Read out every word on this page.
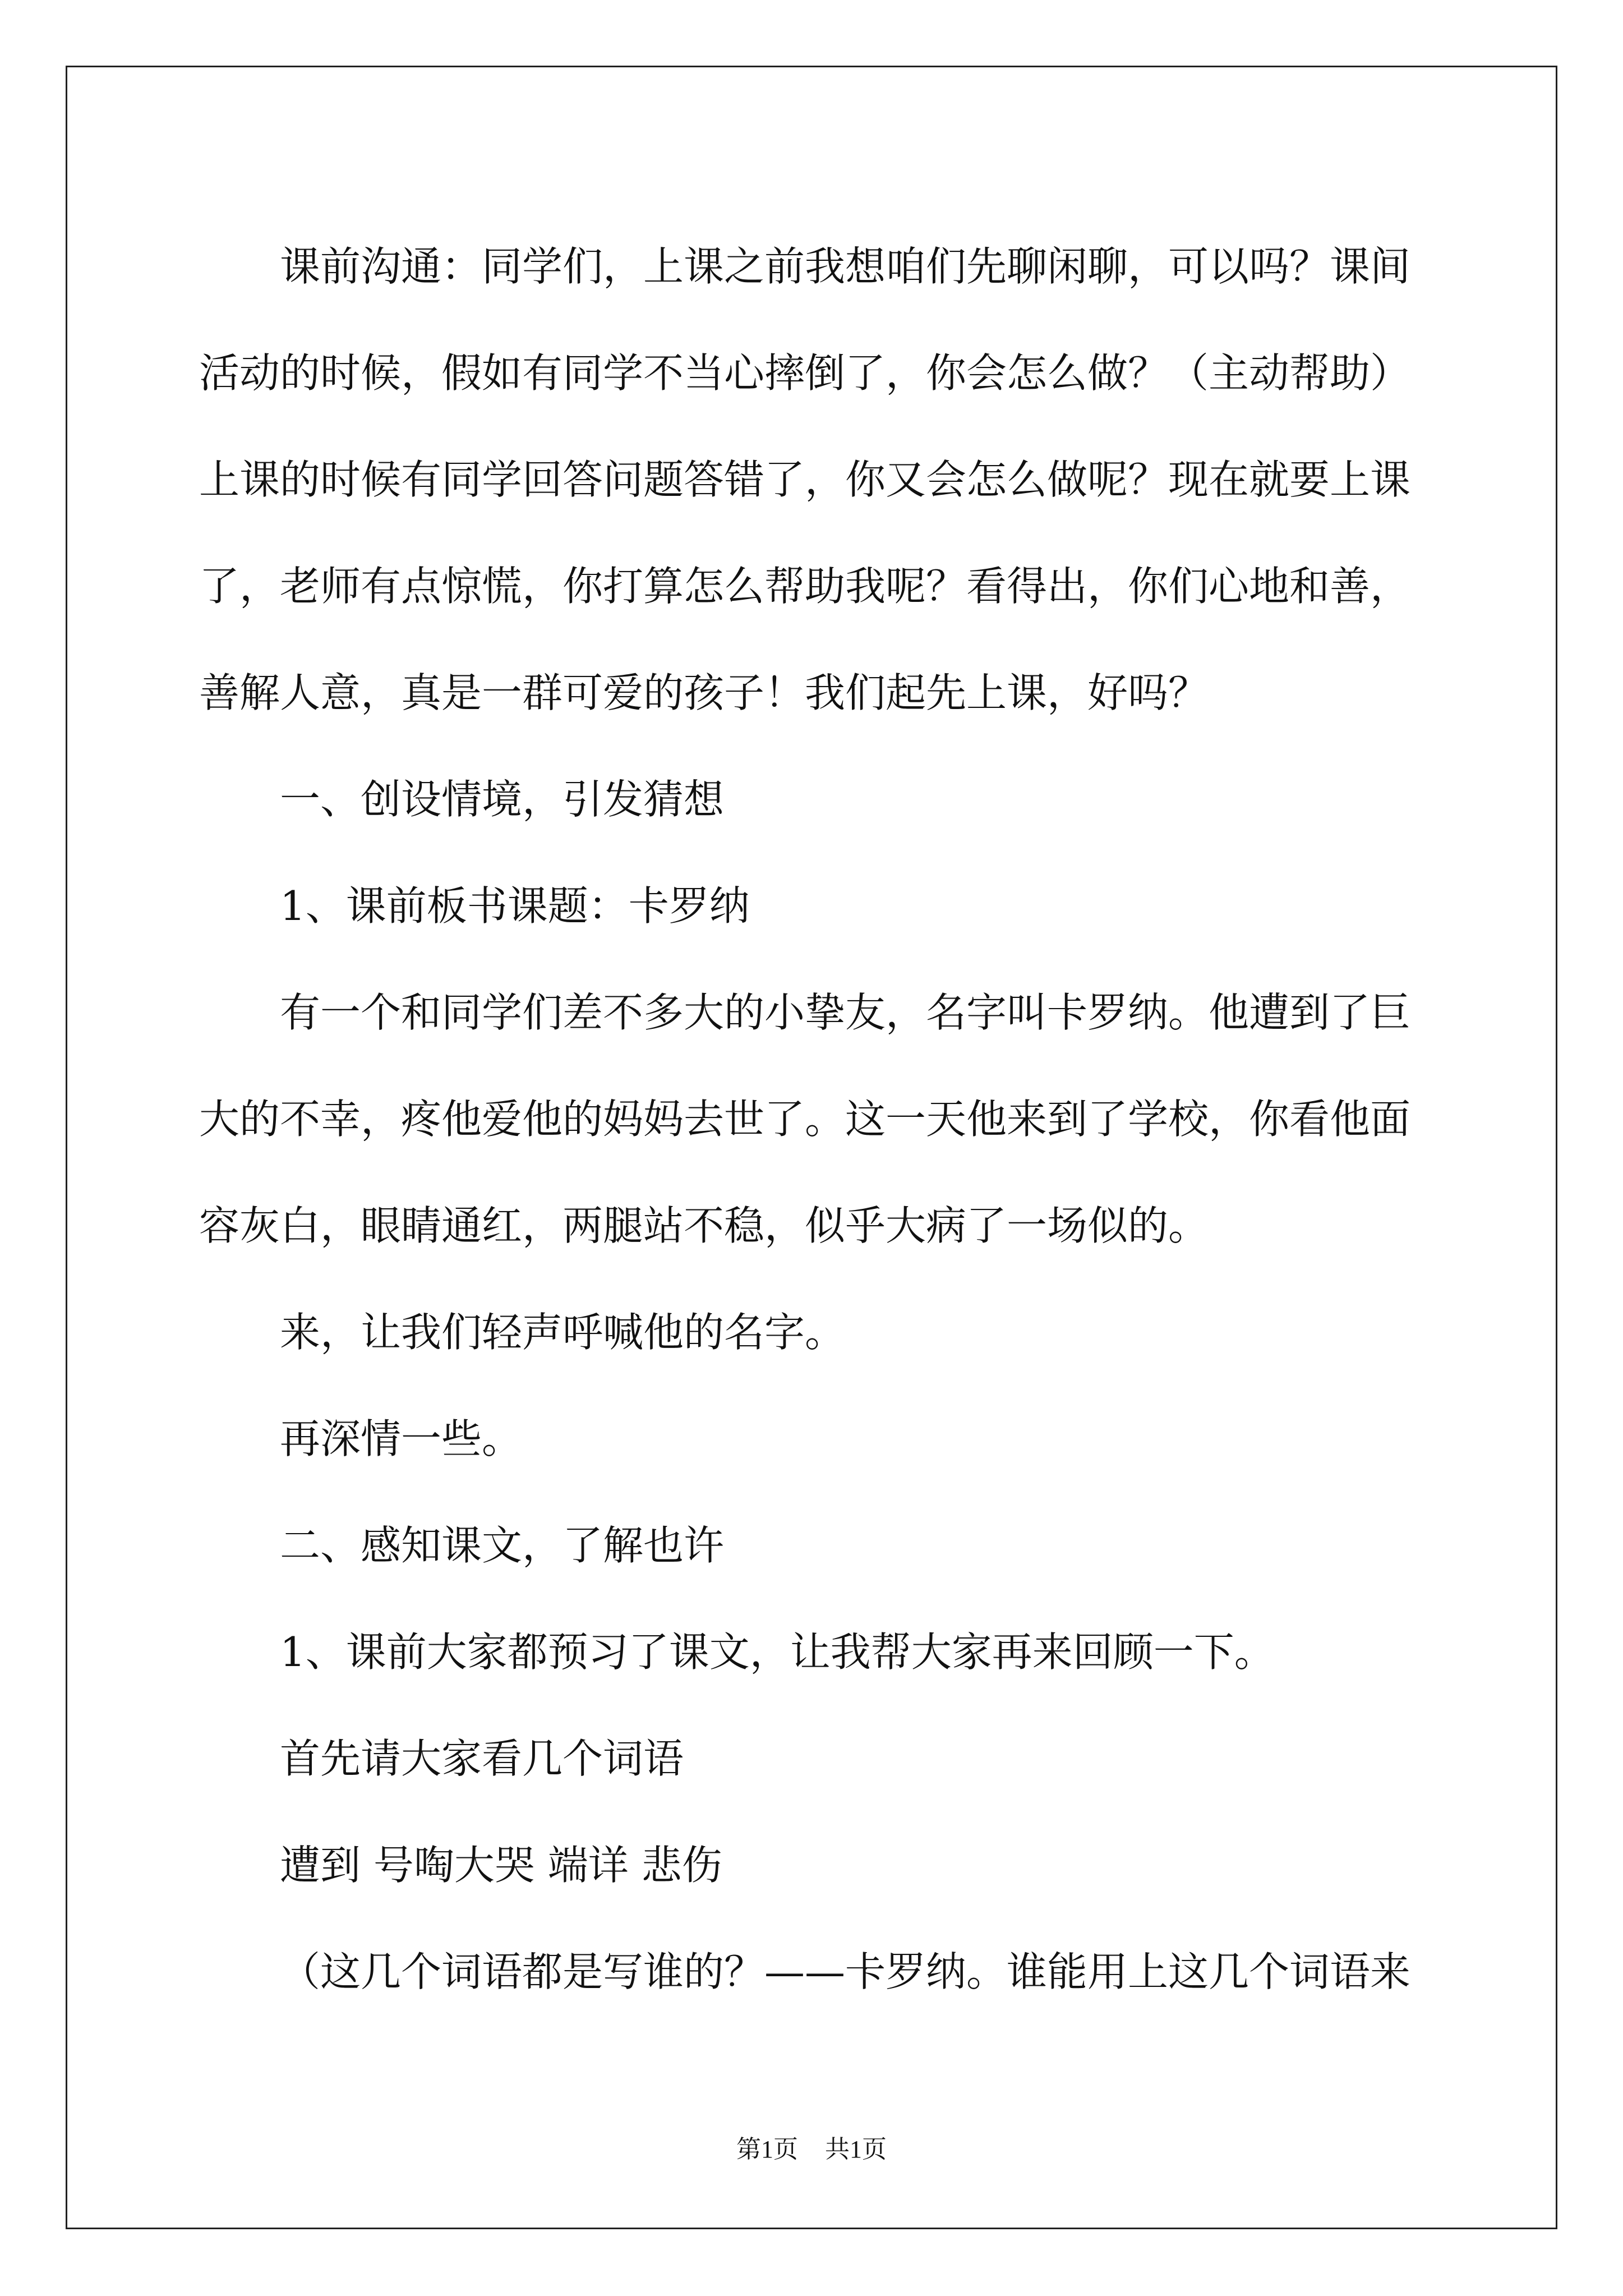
课前沟通：同学们，上课之前我想咱们先聊闲聊，可以吗？课间

活动的时候，假如有同学不当心摔倒了，你会怎么做？（主动帮助）

上课的时候有同学回答问题答错了，你又会怎么做呢？现在就要上课

了，老师有点惊慌，你打算怎么帮助我呢？看得出，你们心地和善，

善解人意，真是一群可爱的孩子！我们起先上课，好吗？

一、创设情境，引发猜想

1、课前板书课题：卡罗纳

有一个和同学们差不多大的小挚友，名字叫卡罗纳。他遭到了巨

大的不幸，疼他爱他的妈妈去世了。这一天他来到了学校，你看他面

容灰白，眼睛通红，两腿站不稳，似乎大病了一场似的。

来，让我们轻声呼喊他的名字。

再深情一些。

二、感知课文，了解也许

1、课前大家都预习了课文，让我帮大家再来回顾一下。

首先请大家看几个词语

遭到 号啕大哭 端详 悲伤

（这几个词语都是写谁的？——卡罗纳。谁能用上这几个词语来

第1页 共1页
